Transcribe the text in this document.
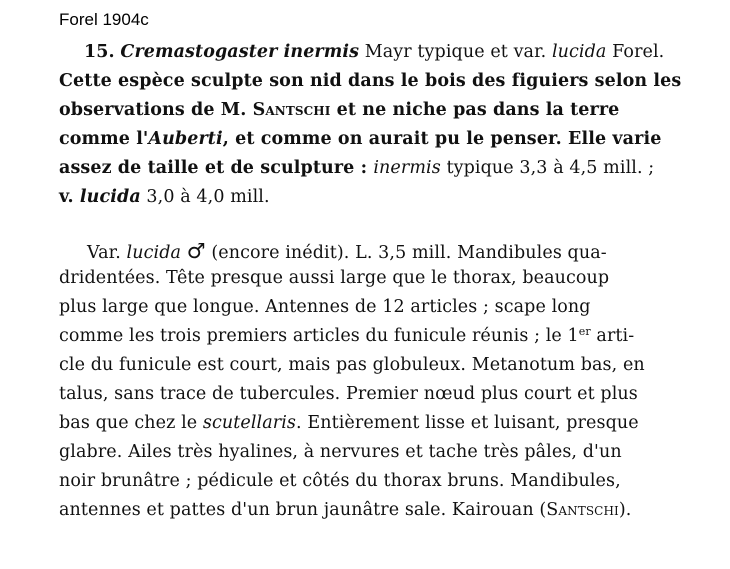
Forel 1904c
15. Cremastogaster inermis Mayr typique et var. lucida Forel.
Cette espèce sculpte son nid dans le bois des figuiers selon les
observations de M. Santschi et ne niche pas dans la terre
comme l'Auberti, et comme on aurait pu le penser. Elle varie
assez de taille et de sculpture : inermis typique 3,3 à 4,5 mill. ;
v. lucida 3,0 à 4,0 mill.
Var. lucida ♂ (encore inédit). L. 3,5 mill. Mandibules qua-
dridentées. Tête presque aussi large que le thorax, beaucoup
plus large que longue. Antennes de 12 articles ; scape long
comme les trois premiers articles du funicule réunis ; le 1er arti-
cle du funicule est court, mais pas globuleux. Metanotum bas, en
talus, sans trace de tubercules. Premier nœud plus court et plus
bas que chez le scutellaris. Entièrement lisse et luisant, presque
glabre. Ailes très hyalines, à nervures et tache très pâles, d'un
noir brunâtre ; pédicule et côtés du thorax bruns. Mandibules,
antennes et pattes d'un brun jaunâtre sale. Kairouan (Santschi).
